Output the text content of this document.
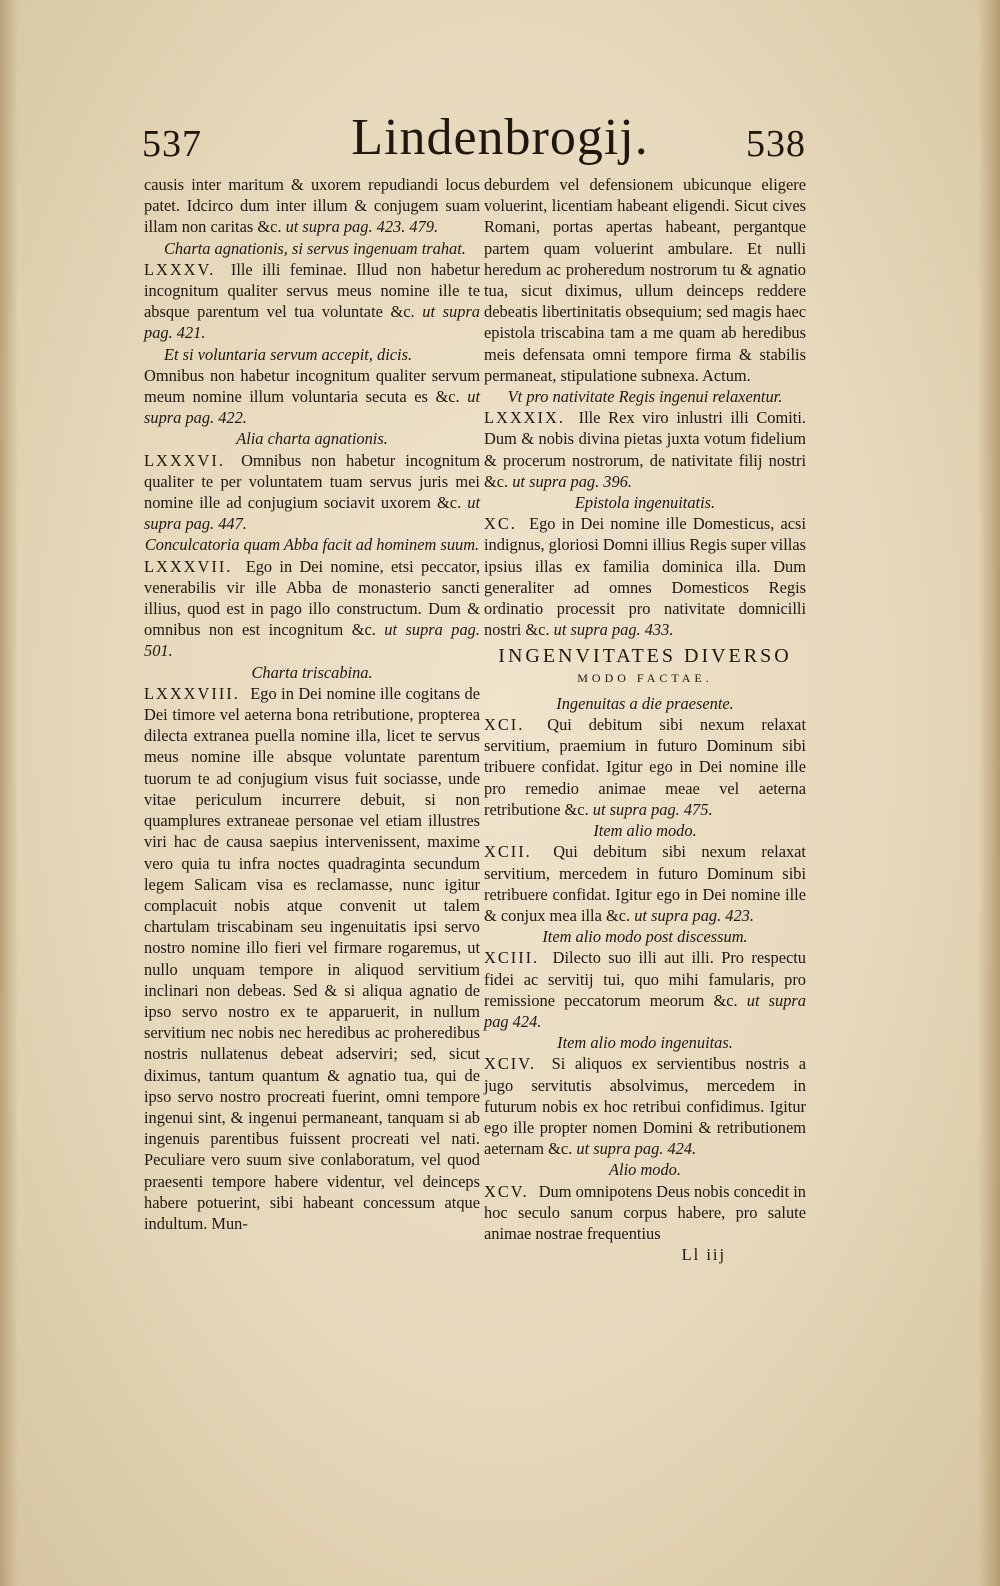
537	Lindenbrogij.	538

causis inter maritum & uxorem repudiandi locus patet. Idcirco dum inter illum & conjugem suam illam non caritas &c. ut supra pag. 423. 479.

Charta agnationis, si servus ingenuam trahat.

LXXXV. Ille illi feminae. Illud non habetur incognitum qualiter servus meus nomine ille te absque parentum vel tua voluntate &c. ut supra pag. 421.

Et si voluntaria servum accepit, dicis.

Omnibus non habetur incognitum qualiter servum meum nomine illum voluntaria secuta es &c. ut supra pag. 422.

Alia charta agnationis.

LXXXVI. Omnibus non habetur incognitum qualiter te per voluntatem tuam servus juris mei nomine ille ad conjugium sociavit uxorem &c. ut supra pag. 447.

Conculcatoria quam Abba facit ad hominem suum.

LXXXVII. Ego in Dei nomine, etsi peccator, venerabilis vir ille Abba de monasterio sancti illius, quod est in pago illo constructum. Dum & omnibus non est incognitum &c. ut supra pag. 501.

Charta triscabina.

LXXXVIII. Ego in Dei nomine ille cogitans de Dei timore vel aeterna bona retributione, propterea dilecta extranea puella nomine illa, licet te servus meus nomine ille absque voluntate parentum tuorum te ad conjugium visus fuit sociasse, unde vitae periculum incurrere debuit, si non quamplures extraneae personae vel etiam illustres viri hac de causa saepius intervenissent, maxime vero quia tu infra noctes quadraginta secundum legem Salicam visa es reclamasse, nunc igitur complacuit nobis atque convenit ut talem chartulam triscabinam seu ingenuitatis ipsi servo nostro nomine illo fieri vel firmare rogaremus, ut nullo unquam tempore in aliquod servitium inclinari non debeas. Sed & si aliqua agnatio de ipso servo nostro ex te apparuerit, in nullum servitium nec nobis nec heredibus ac proheredibus nostris nullatenus debeat adserviri; sed, sicut diximus, tantum quantum & agnatio tua, qui de ipso servo nostro procreati fuerint, omni tempore ingenui sint, & ingenui permaneant, tanquam si ab ingenuis parentibus fuissent procreati vel nati. Peculiare vero suum sive conlaboratum, vel quod praesenti tempore habere videntur, vel deinceps habere potuerint, sibi habeant concessum atque indultum. Mun-

deburdem vel defensionem ubicunque eligere voluerint, licentiam habeant eligendi. Sicut cives Romani, portas apertas habeant, pergantque partem quam voluerint ambulare. Et nulli heredum ac proheredum nostrorum tu & agnatio tua, sicut diximus, ullum deinceps reddere debeatis libertinitatis obsequium; sed magis haec epistola triscabina tam a me quam ab heredibus meis defensata omni tempore firma & stabilis permaneat, stipulatione subnexa. Actum.

Vt pro nativitate Regis ingenui relaxentur.

LXXXIX. Ille Rex viro inlustri illi Comiti. Dum & nobis divina pietas juxta votum fidelium & procerum nostrorum, de nativitate filij nostri &c. ut supra pag. 396.

Epistola ingenuitatis.

XC. Ego in Dei nomine ille Domesticus, acsi indignus, gloriosi Domni illius Regis super villas ipsius illas ex familia dominica illa. Dum generaliter ad omnes Domesticos Regis ordinatio processit pro nativitate domnicilli nostri &c. ut supra pag. 433.

INGENVITATES DIVERSO

MODO FACTAE.

Ingenuitas a die praesente.

XCI. Qui debitum sibi nexum relaxat servitium, praemium in futuro Dominum sibi tribuere confidat. Igitur ego in Dei nomine ille pro remedio animae meae vel aeterna retributione &c. ut supra pag. 475.

Item alio modo.

XCII. Qui debitum sibi nexum relaxat servitium, mercedem in futuro Dominum sibi retribuere confidat. Igitur ego in Dei nomine ille & conjux mea illa &c. ut supra pag. 423.

Item alio modo post discessum.

XCIII. Dilecto suo illi aut illi. Pro respectu fidei ac servitij tui, quo mihi famularis, pro remissione peccatorum meorum &c. ut supra pag 424.

Item alio modo ingenuitas.

XCIV. Si aliquos ex servientibus nostris a jugo servitutis absolvimus, mercedem in futurum nobis ex hoc retribui confidimus. Igitur ego ille propter nomen Domini & retributionem aeternam &c. ut supra pag. 424.

Alio modo.

XCV. Dum omnipotens Deus nobis concedit in hoc seculo sanum corpus habere, pro salute animae nostrae frequentius

Ll iij
